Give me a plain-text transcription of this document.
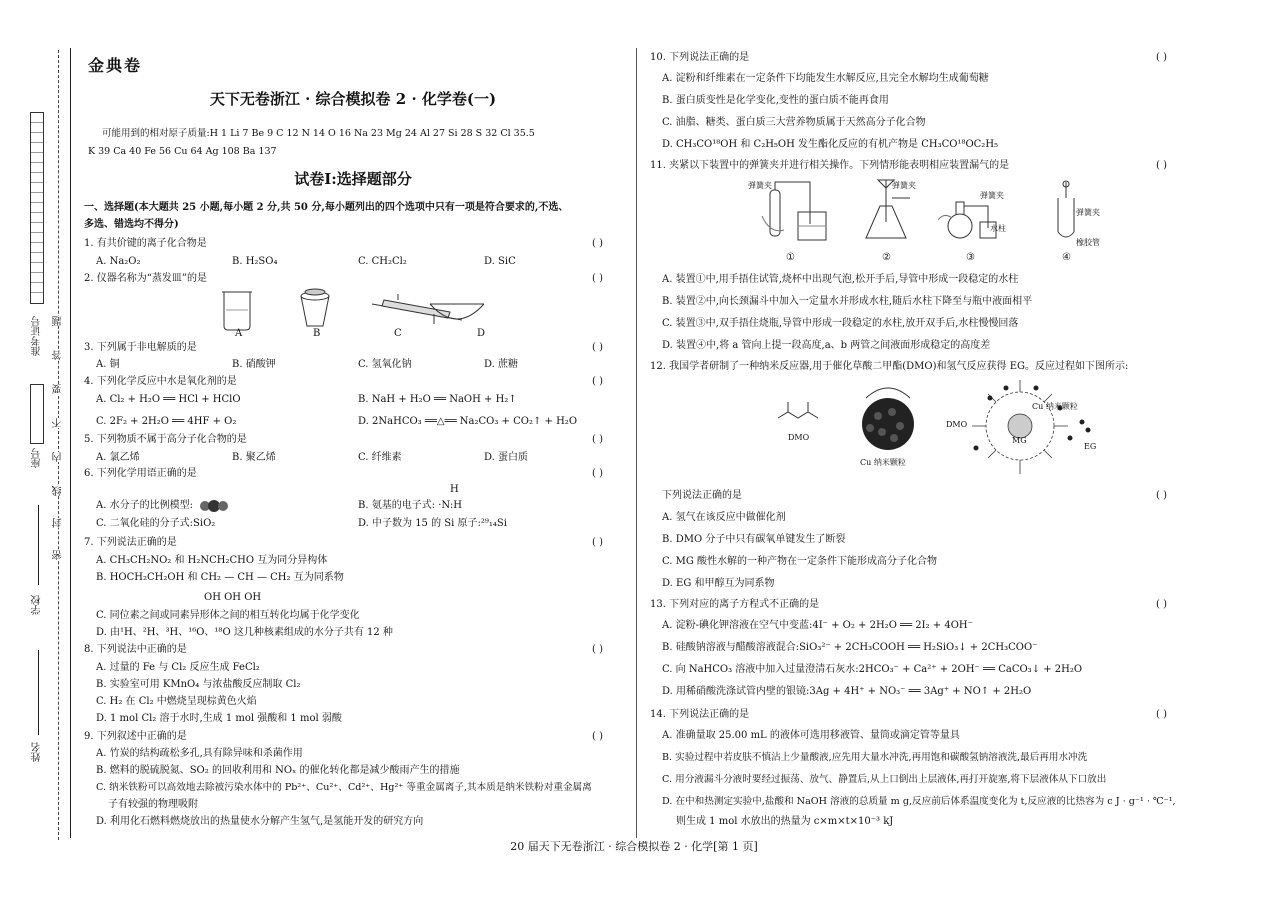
准考证号
座号
学校
姓名
题
答
要
不
内
线
封
密
金典卷
天下无卷浙江 · 综合模拟卷 2 · 化学卷(一)
可能用到的相对原子质量:H 1 Li 7 Be 9 C 12 N 14 O 16 Na 23 Mg 24 Al 27 Si 28 S 32 Cl 35.5
K 39 Ca 40 Fe 56 Cu 64 Ag 108 Ba 137
试卷Ⅰ:选择题部分
一、选择题(本大题共 25 小题,每小题 2 分,共 50 分,每小题列出的四个选项中只有一项是符合要求的,不选、
多选、错选均不得分)
1. 有共价键的离子化合物是	( )
A. Na₂O₂	B. H₂SO₄	C. CH₂Cl₂	D. SiC
2. 仪器名称为“蒸发皿”的是	( )
A	B	C	D
3. 下列属于非电解质的是	( )
A. 铜	B. 硝酸钾	C. 氢氧化钠	D. 蔗糖
4. 下列化学反应中水是氧化剂的是	( )
A. Cl₂ + H₂O ══ HCl + HClO	B. NaH + H₂O ══ NaOH + H₂↑
C. 2F₂ + 2H₂O ══ 4HF + O₂	D. 2NaHCO₃ ══△══ Na₂CO₃ + CO₂↑ + H₂O
5. 下列物质不属于高分子化合物的是	( )
A. 氯乙烯	B. 聚乙烯	C. 纤维素	D. 蛋白质
6. 下列化学用语正确的是	( )
H
A. 水分子的比例模型:	B. 氨基的电子式: ·N:H
C. 二氧化硅的分子式:SiO₂	D. 中子数为 15 的 Si 原子:²⁹₁₄Si
7. 下列说法正确的是	( )
A. CH₃CH₂NO₂ 和 H₂NCH₂CHO 互为同分异构体
B. HOCH₂CH₂OH 和 CH₂ — CH — CH₂ 互为同系物
OH OH OH
C. 同位素之间或同素异形体之间的相互转化均属于化学变化
D. 由¹H、²H、³H、¹⁶O、¹⁸O 这几种核素组成的水分子共有 12 种
8. 下列说法中正确的是	( )
A. 过量的 Fe 与 Cl₂ 反应生成 FeCl₂
B. 实验室可用 KMnO₄ 与浓盐酸反应制取 Cl₂
C. H₂ 在 Cl₂ 中燃烧呈现棕黄色火焰
D. 1 mol Cl₂ 溶于水时,生成 1 mol 强酸和 1 mol 弱酸
9. 下列叙述中正确的是	( )
A. 竹炭的结构疏松多孔,具有除异味和杀菌作用
B. 燃料的脱硫脱氮、SO₂ 的回收利用和 NOₓ 的催化转化都是减少酸雨产生的措施
C. 纳米铁粉可以高效地去除被污染水体中的 Pb²⁺、Cu²⁺、Cd²⁺、Hg²⁺ 等重金属离子,其本质是纳米铁粉对重金属离
子有较强的物理吸附
D. 利用化石燃料燃烧放出的热量使水分解产生氢气,是氢能开发的研究方向
10. 下列说法正确的是	( )
A. 淀粉和纤维素在一定条件下均能发生水解反应,且完全水解均生成葡萄糖
B. 蛋白质变性是化学变化,变性的蛋白质不能再食用
C. 油脂、糖类、蛋白质三大营养物质属于天然高分子化合物
D. CH₃CO¹⁸OH 和 C₂H₅OH 发生酯化反应的有机产物是 CH₃CO¹⁸OC₂H₅
11. 夹紧以下装置中的弹簧夹并进行相关操作。下列情形能表明相应装置漏气的是	( )
弹簧夹	弹簧夹
弹簧夹
水柱
弹簧夹
橡胶管
①	②	③	④
A. 装置①中,用手捂住试管,烧杯中出现气泡,松开手后,导管中形成一段稳定的水柱
B. 装置②中,向长颈漏斗中加入一定量水并形成水柱,随后水柱下降至与瓶中液面相平
C. 装置③中,双手捂住烧瓶,导管中形成一段稳定的水柱,放开双手后,水柱慢慢回落
D. 装置④中,将 a 管向上提一段高度,a、b 两管之间液面形成稳定的高度差
12. 我国学者研制了一种纳米反应器,用于催化草酸二甲酯(DMO)和氢气反应获得 EG。反应过程如下图所示:
DMO
Cu 纳米颗粒
Cu 纳米颗粒
DMO
MG
EG
下列说法正确的是	( )
A. 氢气在该反应中做催化剂
B. DMO 分子中只有碳氧单键发生了断裂
C. MG 酸性水解的一种产物在一定条件下能形成高分子化合物
D. EG 和甲醇互为同系物
13. 下列对应的离子方程式不正确的是	( )
A. 淀粉-碘化钾溶液在空气中变蓝:4I⁻ + O₂ + 2H₂O ══ 2I₂ + 4OH⁻
B. 硅酸钠溶液与醋酸溶液混合:SiO₃²⁻ + 2CH₃COOH ══ H₂SiO₃↓ + 2CH₃COO⁻
C. 向 NaHCO₃ 溶液中加入过量澄清石灰水:2HCO₃⁻ + Ca²⁺ + 2OH⁻ ══ CaCO₃↓ + 2H₂O
D. 用稀硝酸洗涤试管内壁的银镜:3Ag + 4H⁺ + NO₃⁻ ══ 3Ag⁺ + NO↑ + 2H₂O
14. 下列说法正确的是	( )
A. 准确量取 25.00 mL 的液体可选用移液管、量筒或滴定管等量具
B. 实验过程中若皮肤不慎沾上少量酸液,应先用大量水冲洗,再用饱和碳酸氢钠溶液洗,最后再用水冲洗
C. 用分液漏斗分液时要经过振荡、放气、静置后,从上口倒出上层液体,再打开旋塞,将下层液体从下口放出
D. 在中和热测定实验中,盐酸和 NaOH 溶液的总质量 m g,反应前后体系温度变化为 t,反应液的比热容为 c J · g⁻¹ · ℃⁻¹,
则生成 1 mol 水放出的热量为 c×m×t×10⁻³ kJ
20 届天下无卷浙江 · 综合模拟卷 2 · 化学[第 1 页]
